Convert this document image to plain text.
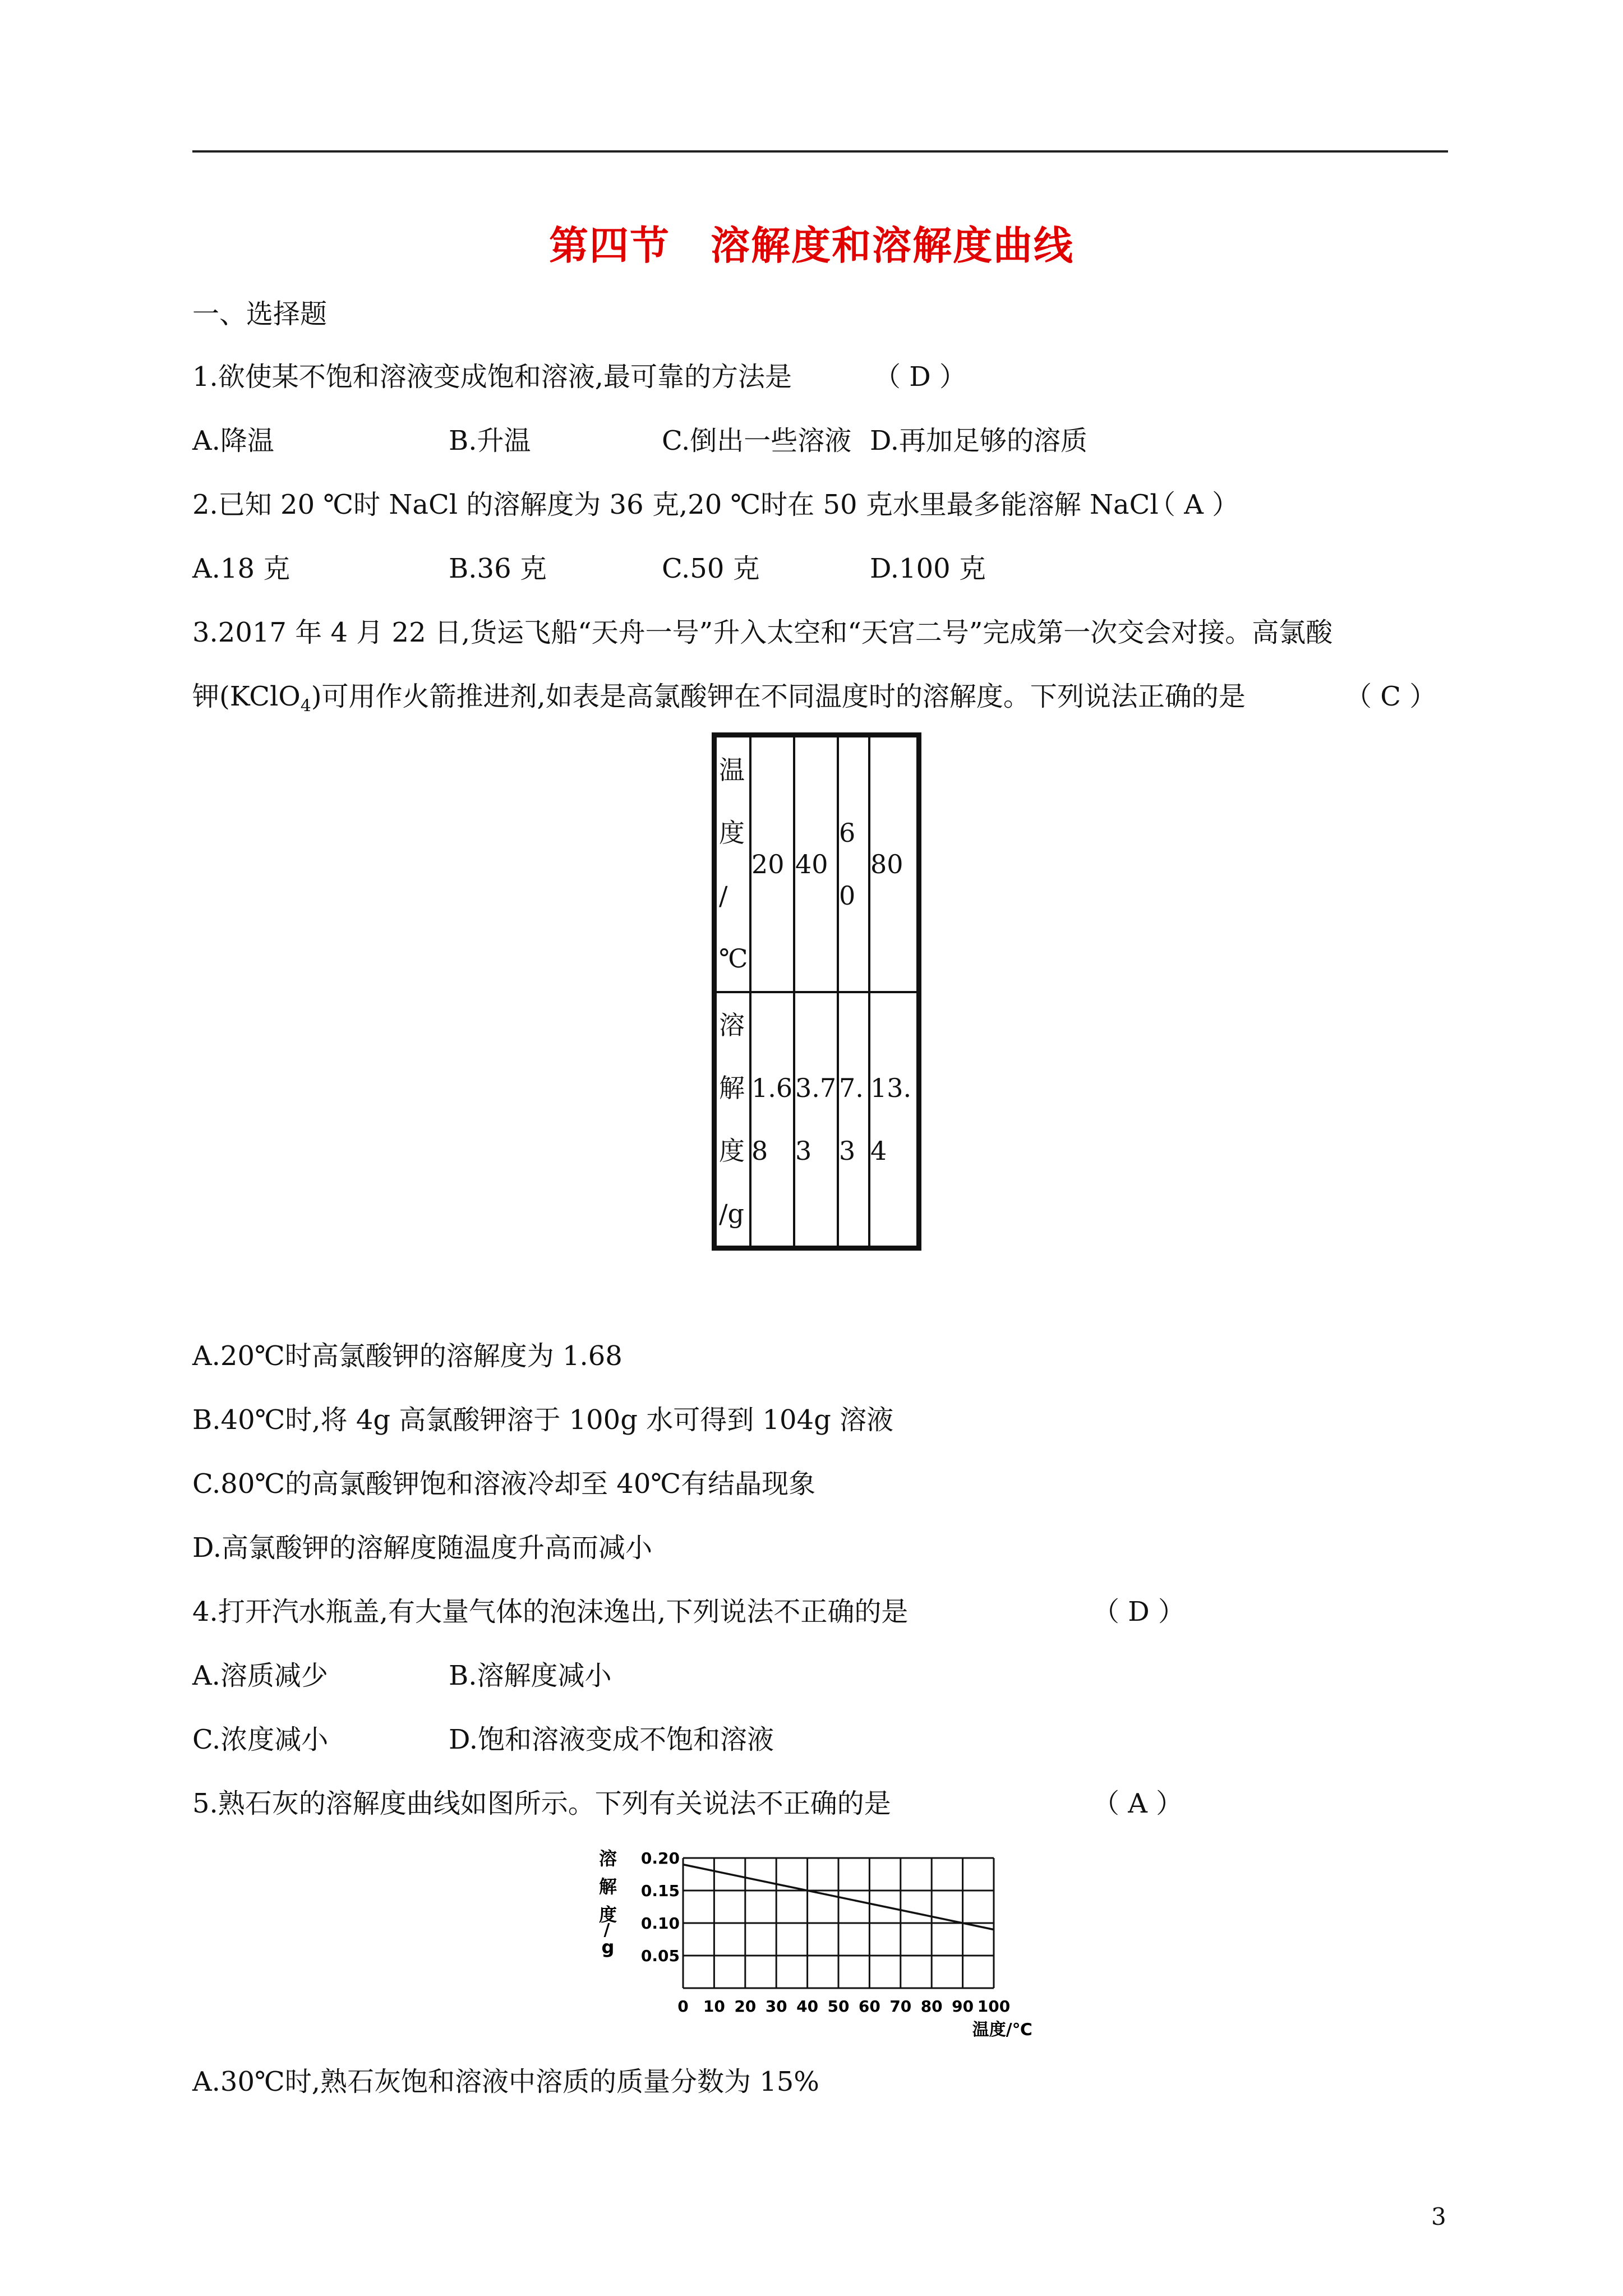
第四节　溶解度和溶解度曲线
一、选择题
1.欲使某不饱和溶液变成饱和溶液,最可靠的方法是	（ D ）
A.降温	B.升温	C.倒出一些溶液 D.再加足够的溶质
2.已知 20 ℃时 NaCl 的溶解度为 36 克,20 ℃时在 50 克水里最多能溶解 NaCl
（ A ）
A.18 克	B.36 克	C.50 克	D.100 克
3.2017 年 4 月 22 日,货运飞船“天舟一号”升入太空和“天宫二号”完成第一次交会对接。高氯酸
钾(KClO$_4$)可用作火箭推进剂,如表是高氯酸钾在不同温度时的溶解度。下列说法正确的是	（ C ）
温度/℃	20	40	60	80
溶解度/g	1.68	3.73	7.3	13.4
A.20℃时高氯酸钾的溶解度为 1.68
B.40℃时,将 4g 高氯酸钾溶于 100g 水可得到 104g 溶液
C.80℃的高氯酸钾饱和溶液冷却至 40℃有结晶现象
D.高氯酸钾的溶解度随温度升高而减小
4.打开汽水瓶盖,有大量气体的泡沫逸出,下列说法不正确的是	（ D ）
A.溶质减少	B.溶解度减小
C.浓度减小	D.饱和溶液变成不饱和溶液
5.熟石灰的溶解度曲线如图所示。下列有关说法不正确的是	（ A ）
溶
解
度
g
/
0.05
0.10
0.15
0.20
0 10 20 30 40 50 60 70 80 90 100
温度/℃
A.30℃时,熟石灰饱和溶液中溶质的质量分数为 15%
3
